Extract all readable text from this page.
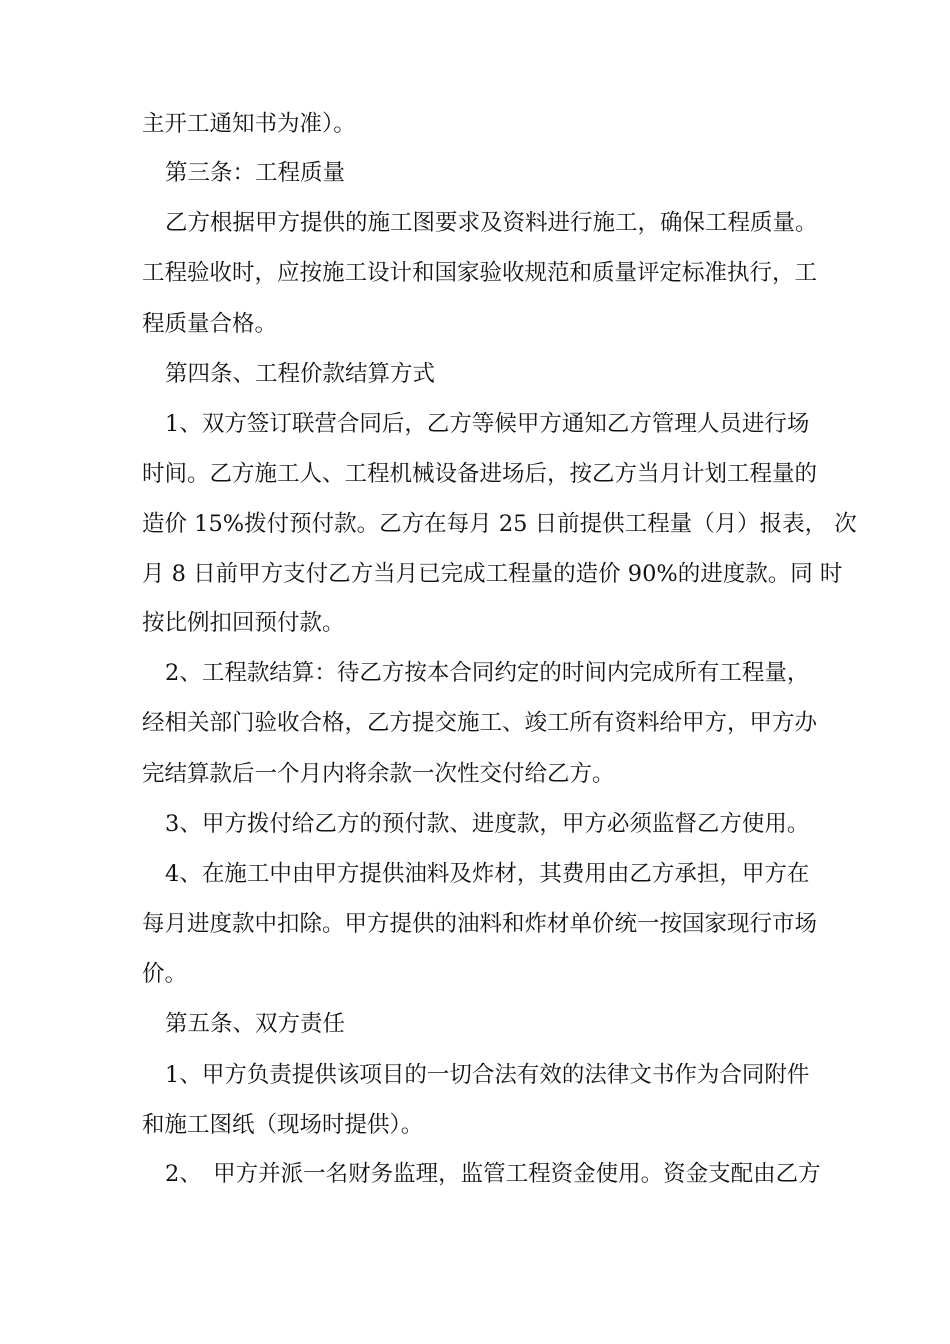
主开工通知书为准）。
第三条：工程质量
乙方根据甲方提供的施工图要求及资料进行施工，确保工程质量。
工程验收时，应按施工设计和国家验收规范和质量评定标准执行，工
程质量合格。
第四条、工程价款结算方式
1、双方签订联营合同后，乙方等候甲方通知乙方管理人员进行场
时间。乙方施工人、工程机械设备进场后，按乙方当月计划工程量的
造价 15%拨付预付款。乙方在每月 25 日前提供工程量（月）报表， 次
月 8 日前甲方支付乙方当月已完成工程量的造价 90%的进度款。同 时
按比例扣回预付款。
2、工程款结算：待乙方按本合同约定的时间内完成所有工程量，
经相关部门验收合格，乙方提交施工、竣工所有资料给甲方，甲方办
完结算款后一个月内将余款一次性交付给乙方。
3、甲方拨付给乙方的预付款、进度款，甲方必须监督乙方使用。
4、在施工中由甲方提供油料及炸材，其费用由乙方承担，甲方在
每月进度款中扣除。甲方提供的油料和炸材单价统一按国家现行市场
价。
第五条、双方责任
1、甲方负责提供该项目的一切合法有效的法律文书作为合同附件
和施工图纸（现场时提供）。
2、　甲方并派一名财务监理，监管工程资金使用。资金支配由乙方
